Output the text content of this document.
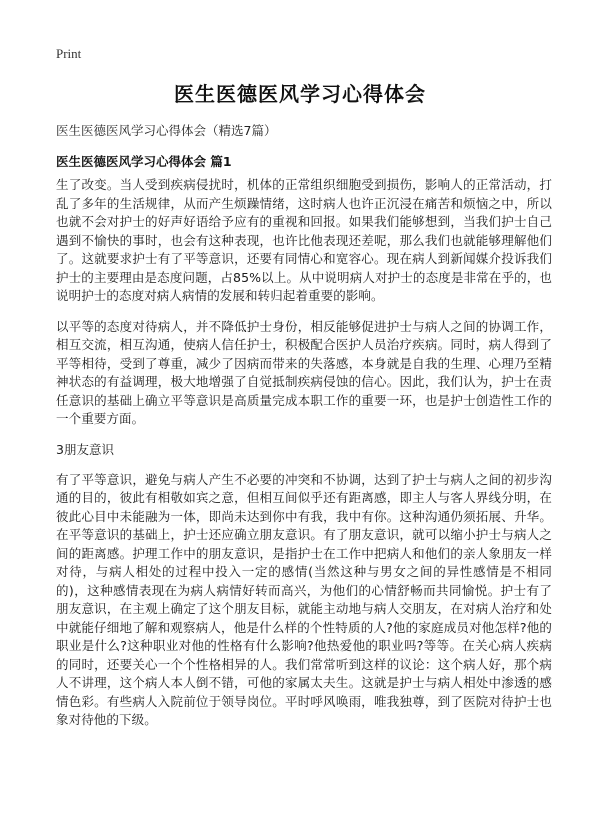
Print
医生医德医风学习心得体会

医生医德医风学习心得体会（精选7篇）

医生医德医风学习心得体会 篇1

生了改变。当人受到疾病侵扰时，机体的正常组织细胞受到损伤，影响人的正常活动，打乱了多年的生活规律，从而产生烦躁情绪，这时病人也许正沉浸在痛苦和烦恼之中，所以也就不会对护士的好声好语给予应有的重视和回报。如果我们能够想到，当我们护士自己遇到不愉快的事时，也会有这种表现，也许比他表现还差呢，那么我们也就能够理解他们了。这就要求护士有了平等意识，还要有同情心和宽容心。现在病人到新闻媒介投诉我们护士的主要理由是态度问题，占85%以上。从中说明病人对护士的态度是非常在乎的，也说明护士的态度对病人病情的发展和转归起着重要的影响。

以平等的态度对待病人，并不降低护士身份，相反能够促进护士与病人之间的协调工作，相互交流，相互沟通，使病人信任护士，积极配合医护人员治疗疾病。同时，病人得到了平等相待，受到了尊重，减少了因病而带来的失落感，本身就是自我的生理、心理乃至精神状态的有益调理，极大地增强了自觉抵制疾病侵蚀的信心。因此，我们认为，护士在责任意识的基础上确立平等意识是高质量完成本职工作的重要一环，也是护士创造性工作的一个重要方面。

3朋友意识

有了平等意识，避免与病人产生不必要的冲突和不协调，达到了护士与病人之间的初步沟通的目的，彼此有相敬如宾之意，但相互间似乎还有距离感，即主人与客人界线分明，在彼此心目中未能融为一体，即尚未达到你中有我，我中有你。这种沟通仍须拓展、升华。在平等意识的基础上，护士还应确立朋友意识。有了朋友意识，就可以缩小护士与病人之间的距离感。护理工作中的朋友意识，是指护士在工作中把病人和他们的亲人象朋友一样对待，与病人相处的过程中投入一定的感情(当然这种与男女之间的异性感情是不相同的)，这种感情表现在为病人病情好转而高兴，为他们的心情舒畅而共同愉悦。护士有了朋友意识，在主观上确定了这个朋友目标，就能主动地与病人交朋友，在对病人治疗和处中就能仔细地了解和观察病人，他是什么样的个性特质的人?他的家庭成员对他怎样?他的职业是什么?这种职业对他的性格有什么影响?他热爱他的职业吗?等等。在关心病人疾病的同时，还要关心一个个性格相异的人。我们常常听到这样的议论：这个病人好，那个病人不讲理，这个病人本人倒不错，可他的家属太夫生。这就是护士与病人相处中渗透的感情色彩。有些病人入院前位于领导岗位。平时呼风唤雨，唯我独尊，到了医院对待护士也象对待他的下级。
